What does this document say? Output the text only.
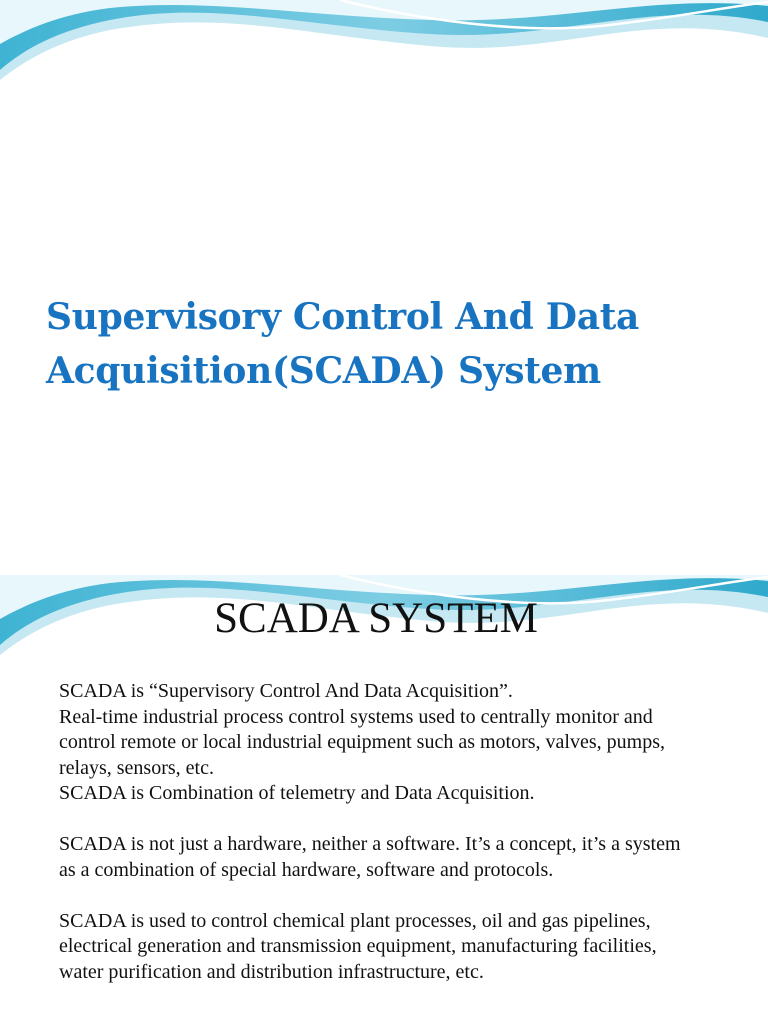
Supervisory Control And Data Acquisition(SCADA) System
SCADA SYSTEM

SCADA is “Supervisory Control And Data Acquisition”.

Real-time industrial process control systems used to centrally monitor and control remote or local industrial equipment such as motors, valves, pumps, relays, sensors, etc.

SCADA is Combination of telemetry and Data Acquisition.

SCADA is not just a hardware, neither a software. It’s a concept, it’s a system as a combination of special hardware, software and protocols.

SCADA is used to control chemical plant processes, oil and gas pipelines, electrical generation and transmission equipment, manufacturing facilities, water purification and distribution infrastructure, etc.
